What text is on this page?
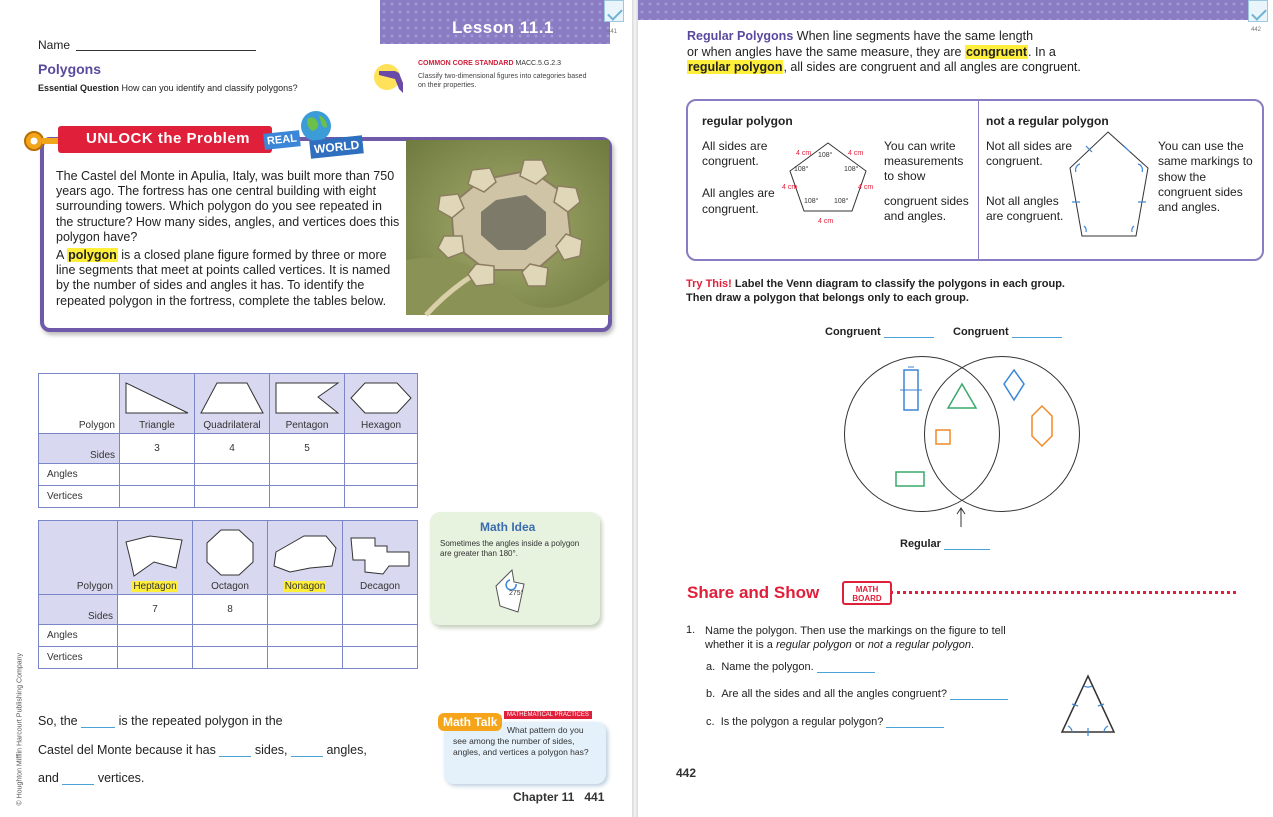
Lesson 11.1	441
Name
Polygons
Essential Question How can you identify and classify polygons?
COMMON CORE STANDARD MACC.5.G.2.3
Classify two-dimensional figures into categories based on their properties.
UNLOCK the Problem REAL	WORLD
The Castel del Monte in Apulia, Italy, was built more than 750 years ago. The fortress has one central building with eight surrounding towers. Which polygon do you see repeated in the structure? How many sides, angles, and vertices does this polygon have?
A polygon is a closed plane figure formed by three or more line segments that meet at points called vertices. It is named by the number of sides and angles it has. To identify the repeated polygon in the fortress, complete the tables below.
Polygon	Triangle	Quadrilateral	Pentagon	Hexagon
Sides	3	4	5	
Angles				
Vertices				
Polygon	Heptagon	Octagon	Nonagon	Decagon
Sides	7	8		
Angles				
Vertices				
Math Idea
Sometimes the angles inside a polygon are greater than 180°.
275°
So, the	is the repeated polygon in the
Castel del Monte because it has	sides,	angles,
and	vertices.
Math Talk	MATHEMATICAL PRACTICES
What pattern do you see among the number of sides, angles, and vertices a polygon has?
Chapter 11 441
© Houghton Mifflin Harcourt Publishing Company
442
Regular Polygons When line segments have the same length
or when angles have the same measure, they are congruent. In a
regular polygon, all sides are congruent and all angles are congruent.
regular polygon
All sides are congruent.
All angles are congruent.
4 cm	4 cm
4 cm	4 cm
4 cm
108°
108°	108°
108° 108°
You can write measurements to show
congruent sides and angles.
not a regular polygon
Not all sides are congruent.
Not all angles are congruent.
You can use the same markings to show the congruent sides and angles.
Try This! Label the Venn diagram to classify the polygons in each group.
Then draw a polygon that belongs only to each group.
Congruent	Congruent
Regular
Share and Show	MATH BOARD
1. Name the polygon. Then use the markings on the figure to tell whether it is a regular polygon or not a regular polygon.
a. Name the polygon.
b. Are all the sides and all the angles congruent?
c. Is the polygon a regular polygon?
442
